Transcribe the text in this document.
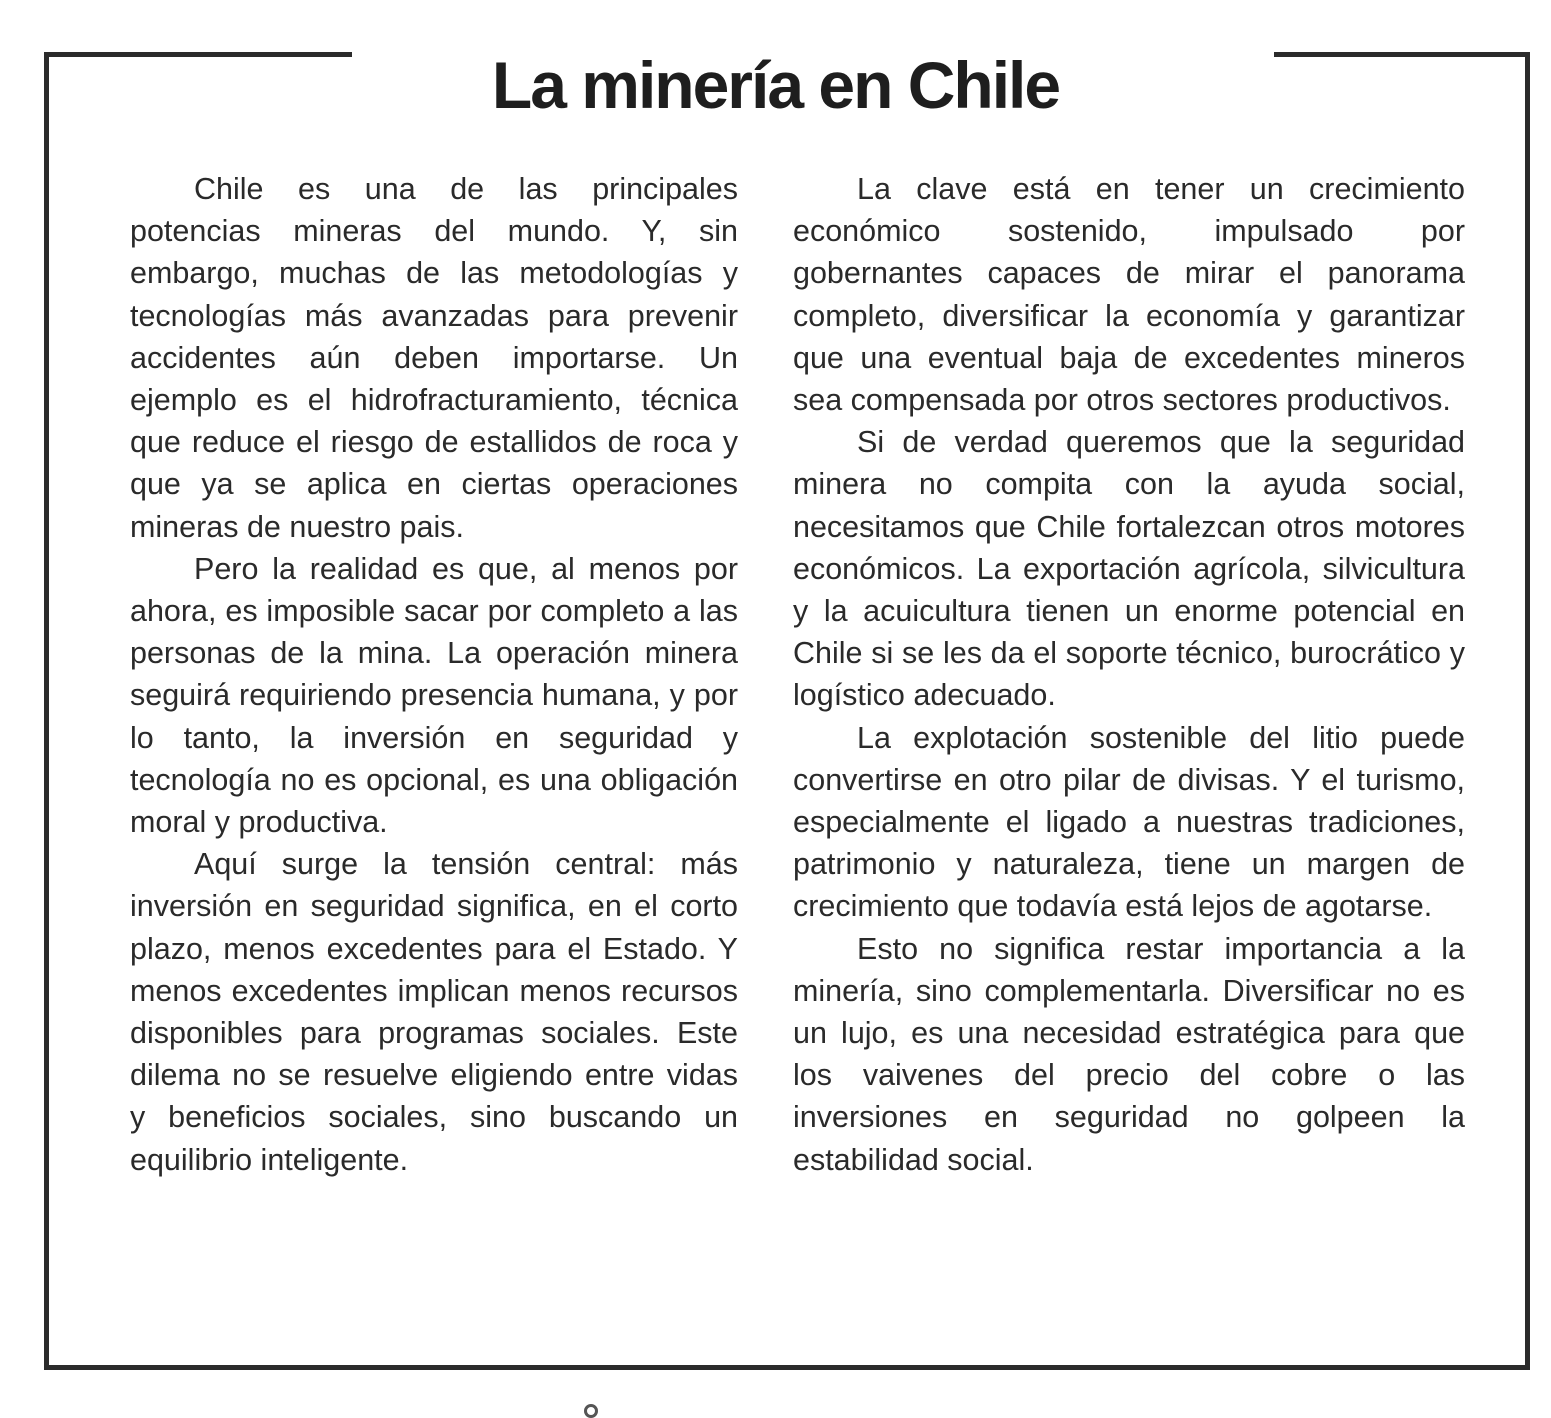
La minería en Chile

Chile es una de las principales potencias mineras del mundo. Y, sin embargo, muchas de las metodologías y tecnologías más avanzadas para prevenir accidentes aún deben importarse. Un ejemplo es el hidrofracturamiento, técnica que reduce el riesgo de estallidos de roca y que ya se aplica en ciertas operaciones mineras de nuestro pais.

Pero la realidad es que, al menos por ahora, es imposible sacar por completo a las personas de la mina. La operación minera seguirá requiriendo presencia humana, y por lo tanto, la inversión en seguridad y tecnología no es opcional, es una obligación moral y productiva.

Aquí surge la tensión central: más inversión en seguridad significa, en el corto plazo, menos excedentes para el Estado. Y menos excedentes implican menos recursos disponibles para programas sociales. Este dilema no se resuelve eligiendo entre vidas y beneficios sociales, sino buscando un equilibrio inteligente.

La clave está en tener un crecimiento económico sostenido, impulsado por gobernantes capaces de mirar el panorama completo, diversificar la economía y garantizar que una eventual baja de excedentes mineros sea compensada por otros sectores productivos.

Si de verdad queremos que la seguridad minera no compita con la ayuda social, necesitamos que Chile fortalezcan otros motores económicos. La exportación agrícola, silvicultura y la acuicultura tienen un enorme potencial en Chile si se les da el soporte técnico, burocrático y logístico adecuado.

La explotación sostenible del litio puede convertirse en otro pilar de divisas. Y el turismo, especialmente el ligado a nuestras tradiciones, patrimonio y naturaleza, tiene un margen de crecimiento que todavía está lejos de agotarse.

Esto no significa restar importancia a la minería, sino complementarla. Diversificar no es un lujo, es una necesidad estratégica para que los vaivenes del precio del cobre o las inversiones en seguridad no golpeen la estabilidad social.
